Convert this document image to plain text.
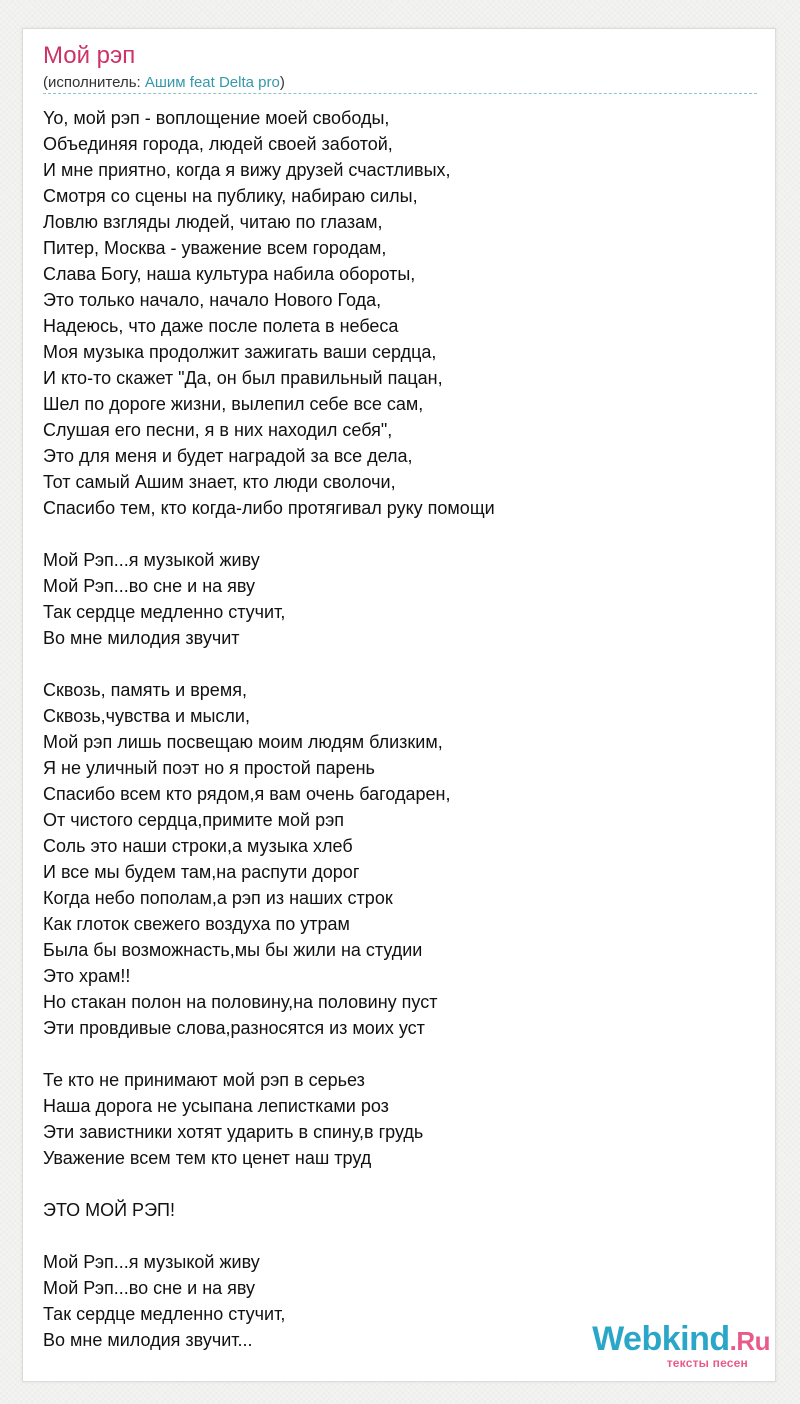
Мой рэп
(исполнитель: Ашим feat Delta pro)
Yo, мой рэп - воплощение моей свободы,
Объединяя города, людей своей заботой,
И мне приятно, когда я вижу друзей счастливых,
Смотря со сцены на публику, набираю силы,
Ловлю взгляды людей, читаю по глазам,
Питер, Москва - уважение всем городам,
Слава Богу, наша культура набила обороты,
Это только начало, начало Нового Года,
Надеюсь, что даже после полета в небеса
Моя музыка продолжит зажигать ваши сердца,
И кто-то скажет "Да, он был правильный пацан,
Шел по дороге жизни, вылепил себе все сам,
Слушая его песни, я в них находил себя",
Это для меня и будет наградой за все дела,
Тот самый Ашим знает, кто люди сволочи,
Спасибо тем, кто когда-либо протягивал руку помощи
Мой Рэп...я музыкой живу
Мой Рэп...во сне и на яву
Так сердце медленно стучит,
Во мне милодия звучит
Сквозь, память и время,
Сквозь,чувства и мысли,
Мой рэп лишь посвещаю моим людям близким,
Я не уличный поэт но я простой парень
Спасибо всем кто рядом,я вам очень багодарен,
От чистого сердца,примите мой рэп
Соль это наши строки,а музыка хлеб
И все мы будем там,на распути дорог
Когда небо пополам,а рэп из наших строк
Как глоток свежего воздуха по утрам
Была бы возможнасть,мы бы жили на студии
Это храм!!
Но стакан полон на половину,на половину пуст
Эти провдивые слова,разносятся из моих уст
Те кто не принимают мой рэп в серьез
Наша дорога не усыпана лепистками роз
Эти завистники хотят ударить в спину,в грудь
Уважение всем тем кто ценет наш труд
ЭТО МОЙ РЭП!
Мой Рэп...я музыкой живу
Мой Рэп...во сне и на яву
Так сердце медленно стучит,
Во мне милодия звучит...	Webkind.Ru
тексты песен
